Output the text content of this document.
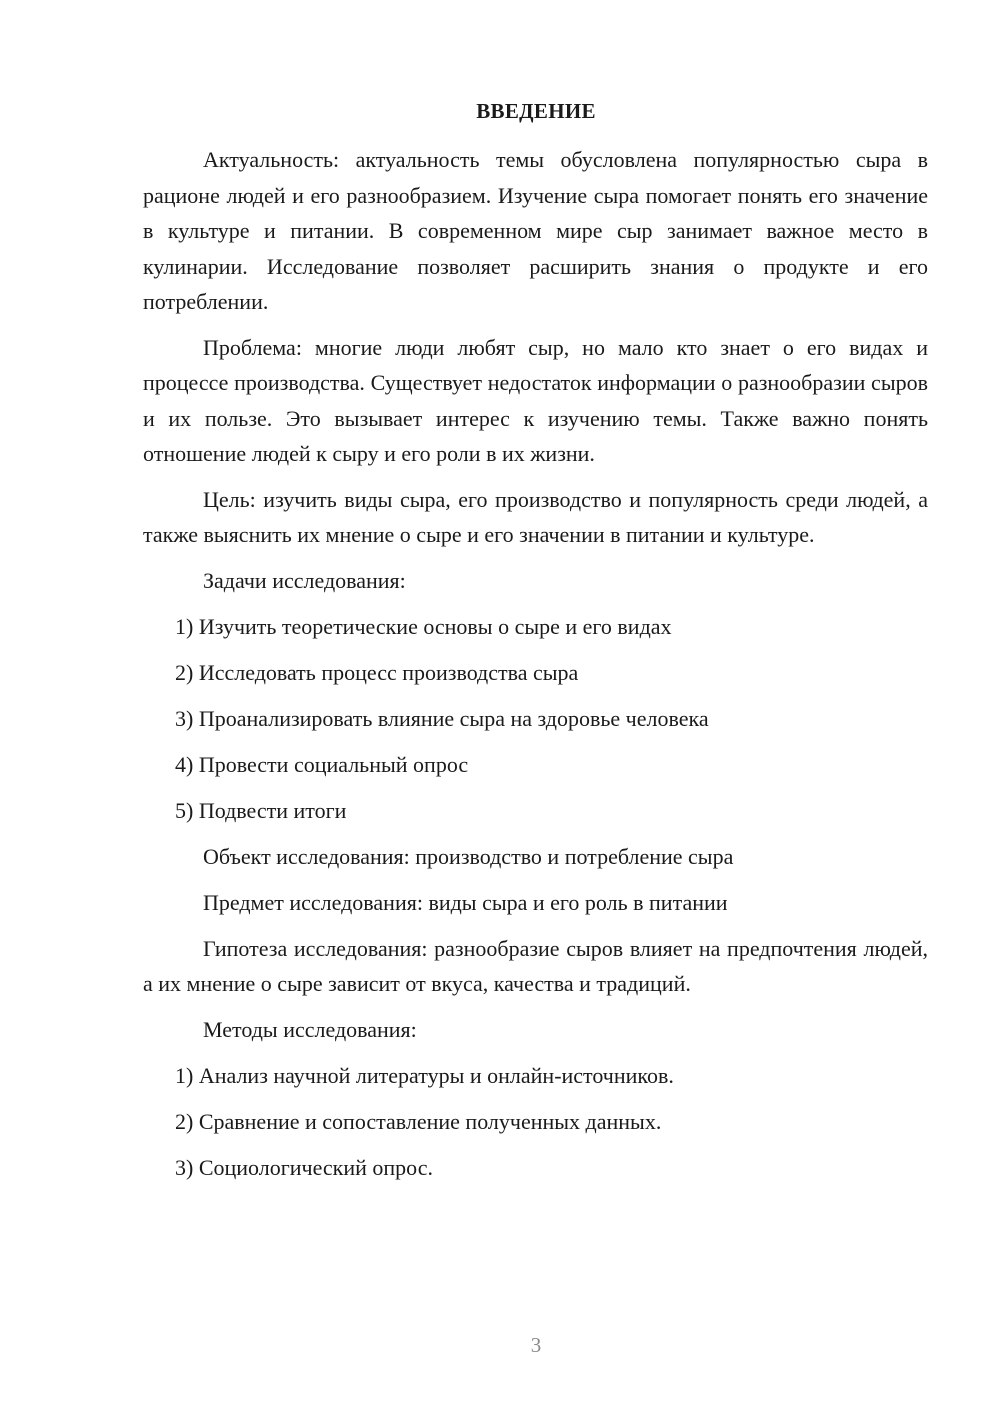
ВВЕДЕНИЕ

Актуальность: актуальность темы обусловлена популярностью сыра в рационе людей и его разнообразием. Изучение сыра помогает понять его значение в культуре и питании. В современном мире сыр занимает важное место в кулинарии. Исследование позволяет расширить знания о продукте и его потреблении.

Проблема: многие люди любят сыр, но мало кто знает о его видах и процессе производства. Существует недостаток информации о разнообразии сыров и их пользе. Это вызывает интерес к изучению темы. Также важно понять отношение людей к сыру и его роли в их жизни.

Цель: изучить виды сыра, его производство и популярность среди людей, а также выяснить их мнение о сыре и его значении в питании и культуре.

Задачи исследования:
1) Изучить теоретические основы о сыре и его видах
2) Исследовать процесс производства сыра
3) Проанализировать влияние сыра на здоровье человека
4) Провести социальный опрос
5) Подвести итоги
Объект исследования: производство и потребление сыра
Предмет исследования: виды сыра и его роль в питании

Гипотеза исследования: разнообразие сыров влияет на предпочтения людей, а их мнение о сыре зависит от вкуса, качества и традиций.

Методы исследования:
1) Анализ научной литературы и онлайн-источников.
2) Сравнение и сопоставление полученных данных.
3) Социологический опрос.
3
